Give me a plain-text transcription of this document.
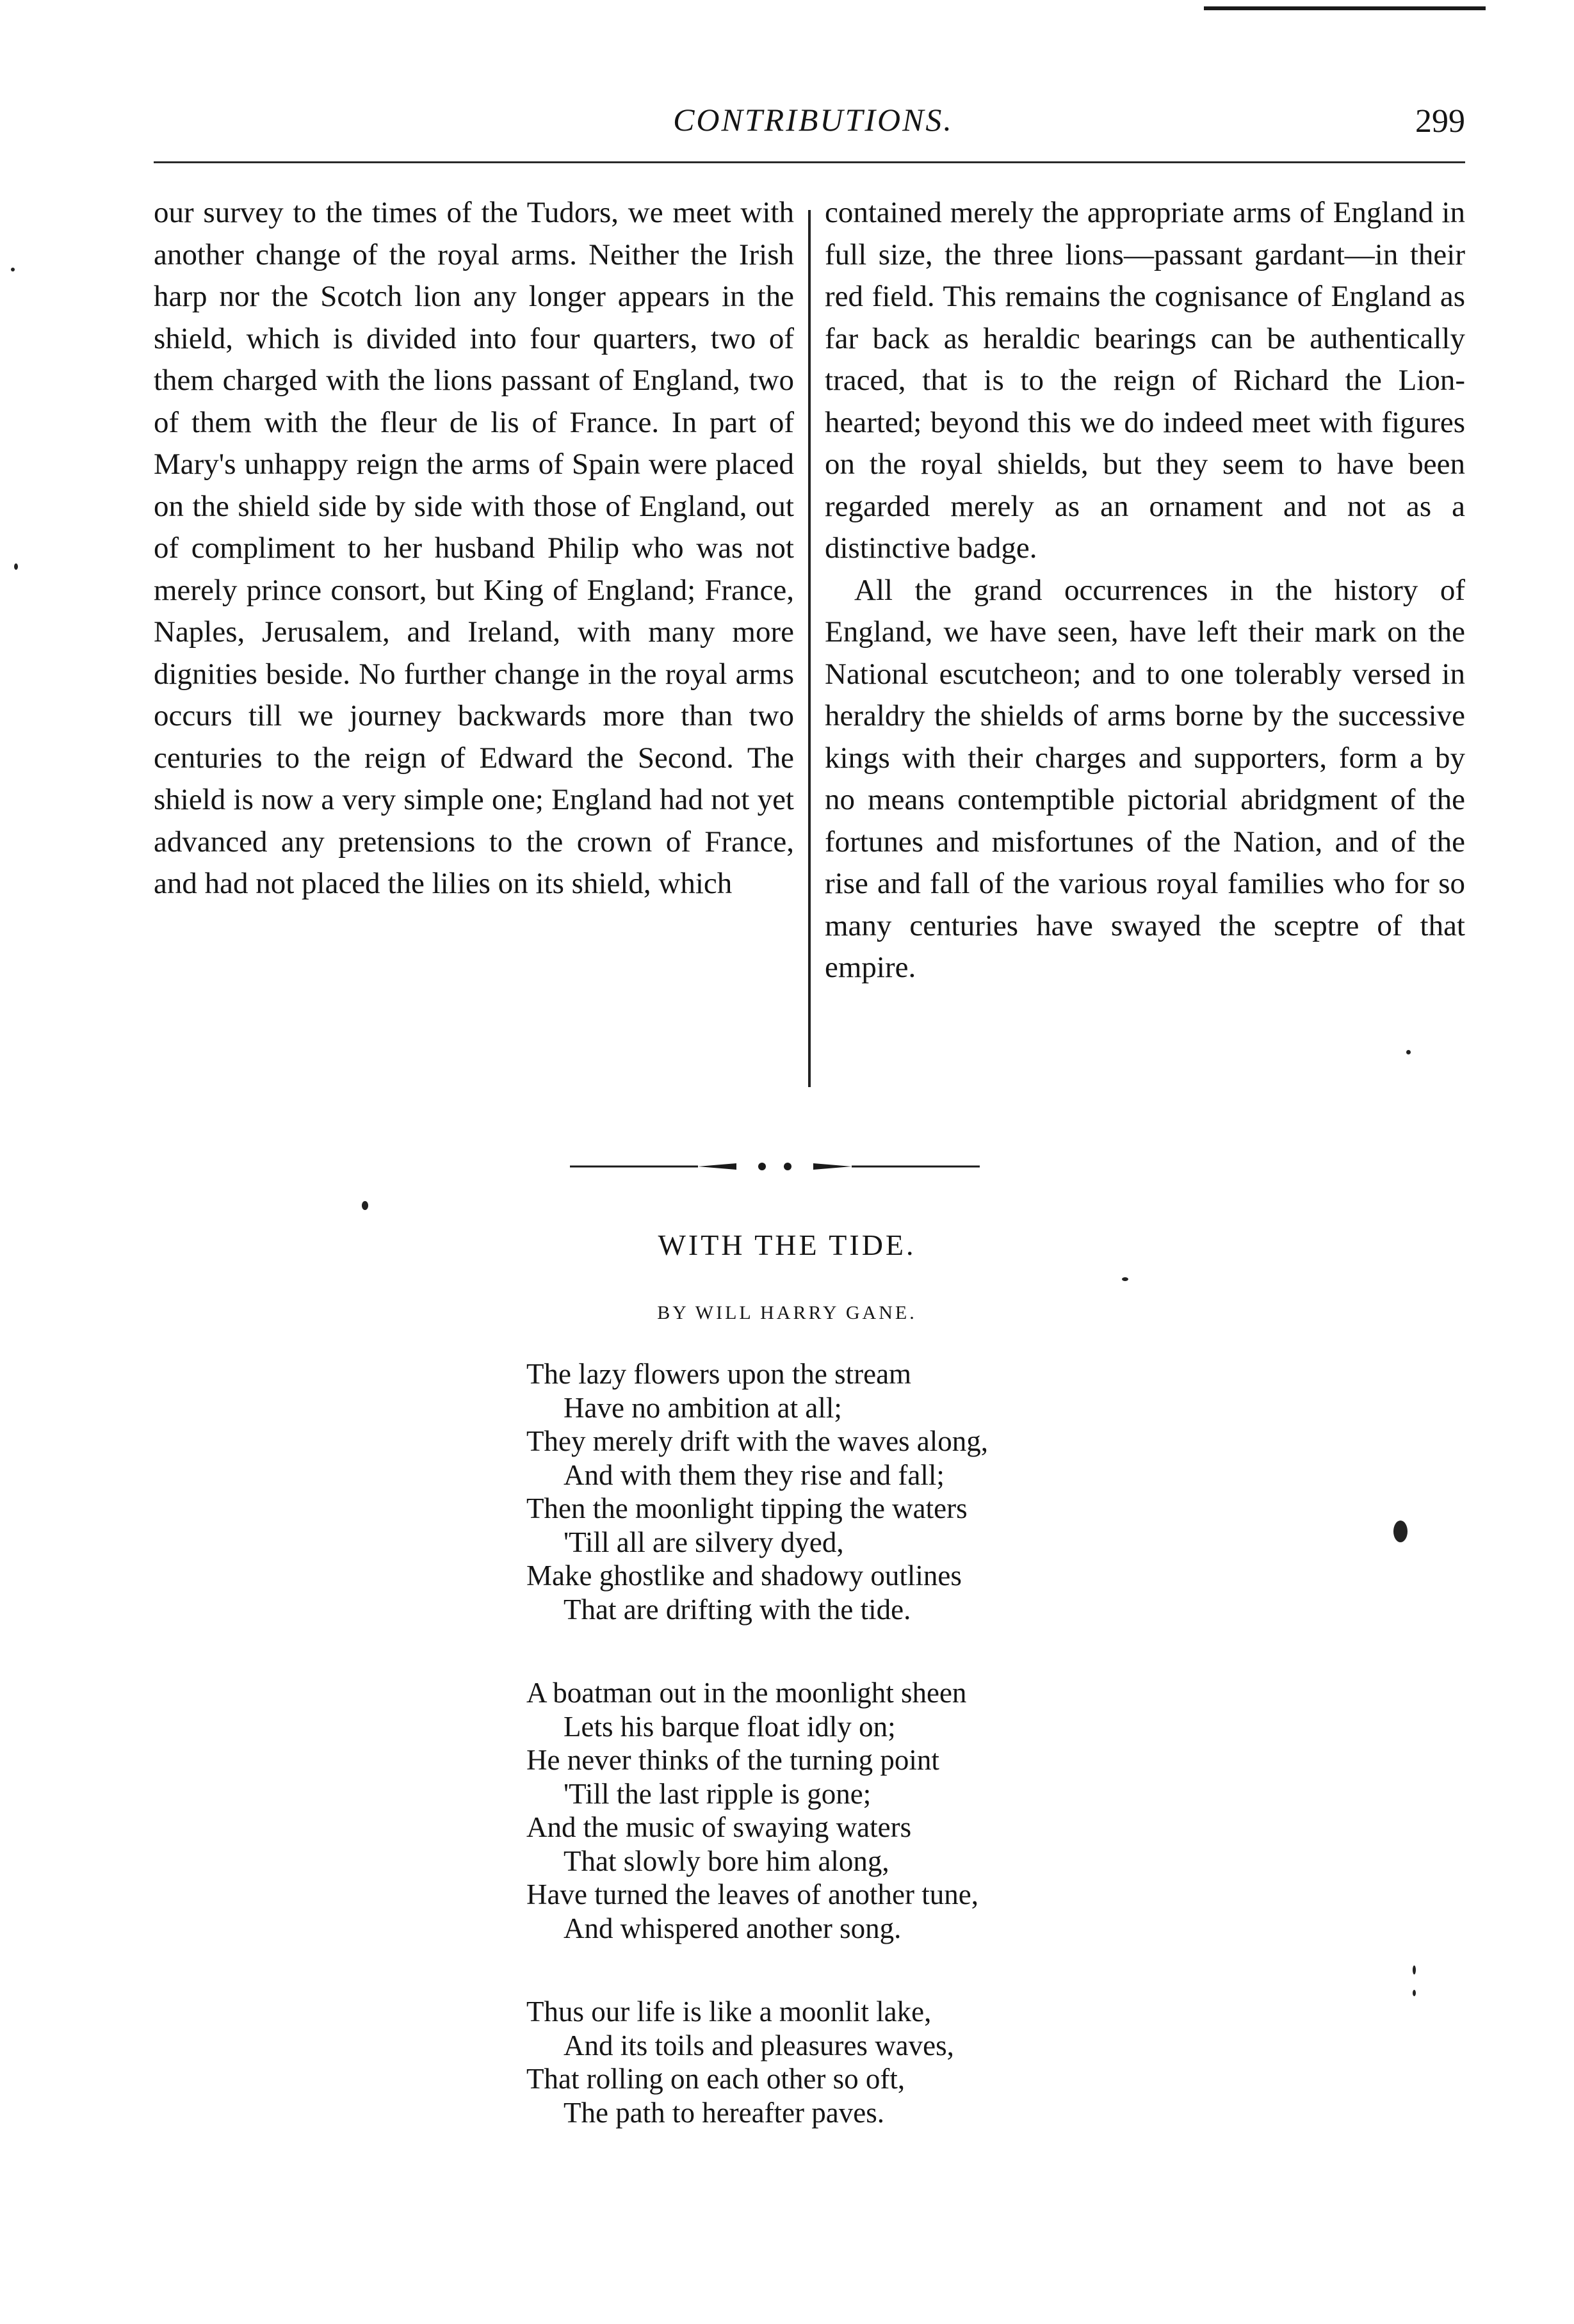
CONTRIBUTIONS.	299

our survey to the times of the Tudors, we meet with another change of the royal arms. Neither the Irish harp nor the Scotch lion any longer appears in the shield, which is divided into four quarters, two of them charged with the lions passant of England, two of them with the fleur de lis of France. In part of Mary's unhappy reign the arms of Spain were placed on the shield side by side with those of England, out of compliment to her husband Philip who was not merely prince consort, but King of England; France, Naples, Jerusalem, and Ireland, with many more dignities beside. No further change in the royal arms occurs till we journey backwards more than two centuries to the reign of Edward the Second. The shield is now a very simple one; England had not yet advanced any pretensions to the crown of France, and had not placed the lilies on its shield, which

contained merely the appropriate arms of England in full size, the three lions—passant gardant—in their red field. This remains the cognisance of England as far back as heraldic bearings can be authentically traced, that is to the reign of Richard the Lion-hearted; beyond this we do indeed meet with figures on the royal shields, but they seem to have been regarded merely as an ornament and not as a distinctive badge.

All the grand occurrences in the history of England, we have seen, have left their mark on the National escutcheon; and to one tolerably versed in heraldry the shields of arms borne by the successive kings with their charges and supporters, form a by no means contemptible pictorial abridgment of the fortunes and misfortunes of the Nation, and of the rise and fall of the various royal families who for so many centuries have swayed the sceptre of that empire.

WITH THE TIDE.
BY WILL HARRY GANE.
The lazy flowers upon the stream
Have no ambition at all;
They merely drift with the waves along,
And with them they rise and fall;
Then the moonlight tipping the waters
'Till all are silvery dyed,
Make ghostlike and shadowy outlines
That are drifting with the tide.
A boatman out in the moonlight sheen
Lets his barque float idly on;
He never thinks of the turning point
'Till the last ripple is gone;
And the music of swaying waters
That slowly bore him along,
Have turned the leaves of another tune,
And whispered another song.
Thus our life is like a moonlit lake,
And its toils and pleasures waves,
That rolling on each other so oft,
The path to hereafter paves.
